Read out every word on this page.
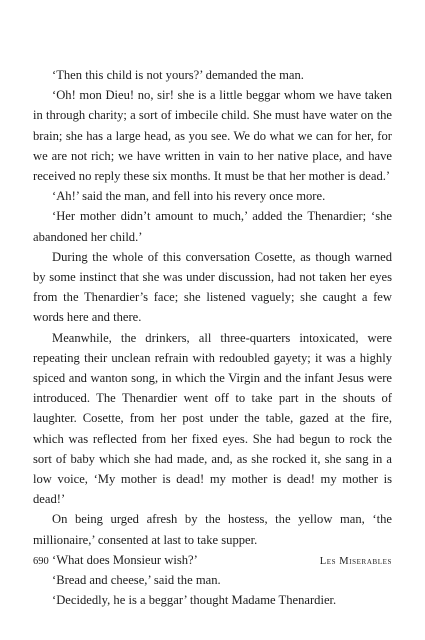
‘Then this child is not yours?’ demanded the man.

‘Oh! mon Dieu! no, sir! she is a little beggar whom we have taken in through charity; a sort of imbecile child. She must have water on the brain; she has a large head, as you see. We do what we can for her, for we are not rich; we have written in vain to her native place, and have received no reply these six months. It must be that her mother is dead.’

‘Ah!’ said the man, and fell into his revery once more.

‘Her mother didn’t amount to much,’ added the Thenardier; ‘she abandoned her child.’

During the whole of this conversation Cosette, as though warned by some instinct that she was under discussion, had not taken her eyes from the Thenardier’s face; she listened vaguely; she caught a few words here and there.

Meanwhile, the drinkers, all three-quarters intoxicated, were repeating their unclean refrain with redoubled gayety; it was a highly spiced and wanton song, in which the Virgin and the infant Jesus were introduced. The Thenardier went off to take part in the shouts of laughter. Cosette, from her post under the table, gazed at the fire, which was reflected from her fixed eyes. She had begun to rock the sort of baby which she had made, and, as she rocked it, she sang in a low voice, ‘My mother is dead! my mother is dead! my mother is dead!’

On being urged afresh by the hostess, the yellow man, ‘the millionaire,’ consented at last to take supper.

‘What does Monsieur wish?’

‘Bread and cheese,’ said the man.

‘Decidedly, he is a beggar’ thought Madame Thenardier.

690	Les Miserables
